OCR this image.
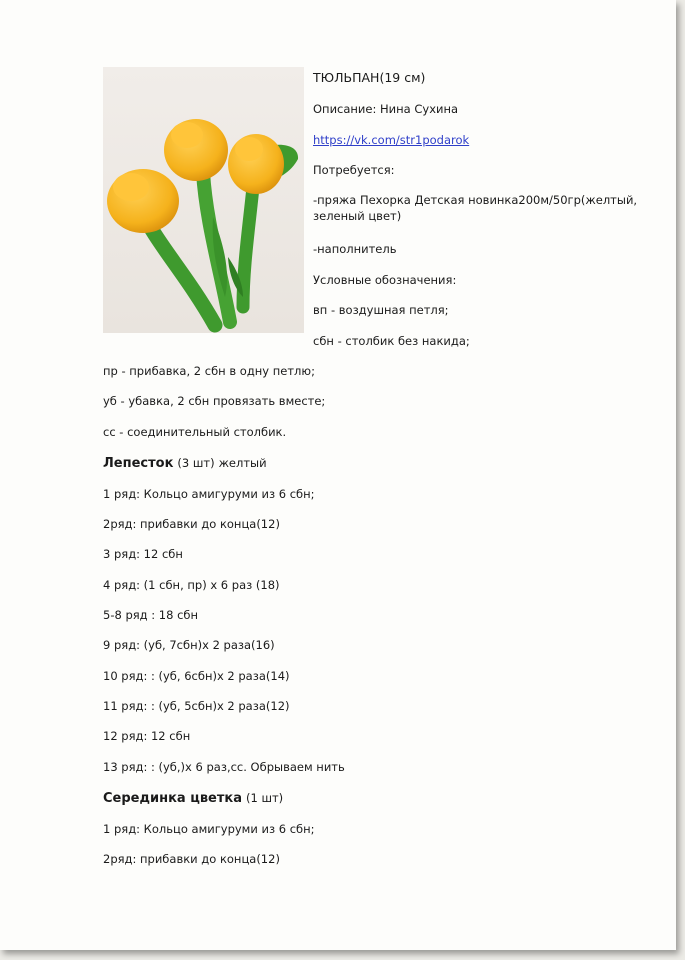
ТЮЛЬПАН(19 см)
Описание: Нина Сухина
https://vk.com/str1podarok
Потребуется:
-пряжа Пехорка Детская новинка200м/50гр(желтый, зеленый цвет)
-наполнитель
Условные обозначения:
вп - воздушная петля;
сбн - столбик без накида;
пр - прибавка, 2 сбн в одну петлю;
уб - убавка, 2 сбн провязать вместе;
сс - соединительный столбик.
Лепесток (3 шт) желтый
1 ряд: Кольцо амигуруми из 6 сбн;
2ряд: прибавки до конца(12)
3 ряд: 12 сбн
4 ряд: (1 сбн, пр) х 6 раз (18)
5-8 ряд : 18 сбн
9 ряд: (уб, 7сбн)х 2 раза(16)
10 ряд: : (уб, 6сбн)х 2 раза(14)
11 ряд: : (уб, 5сбн)х 2 раза(12)
12 ряд: 12 сбн
13 ряд: : (уб,)х 6 раз,сс. Обрываем нить
Серединка цветка (1 шт)
1 ряд: Кольцо амигуруми из 6 сбн;
2ряд: прибавки до конца(12)
